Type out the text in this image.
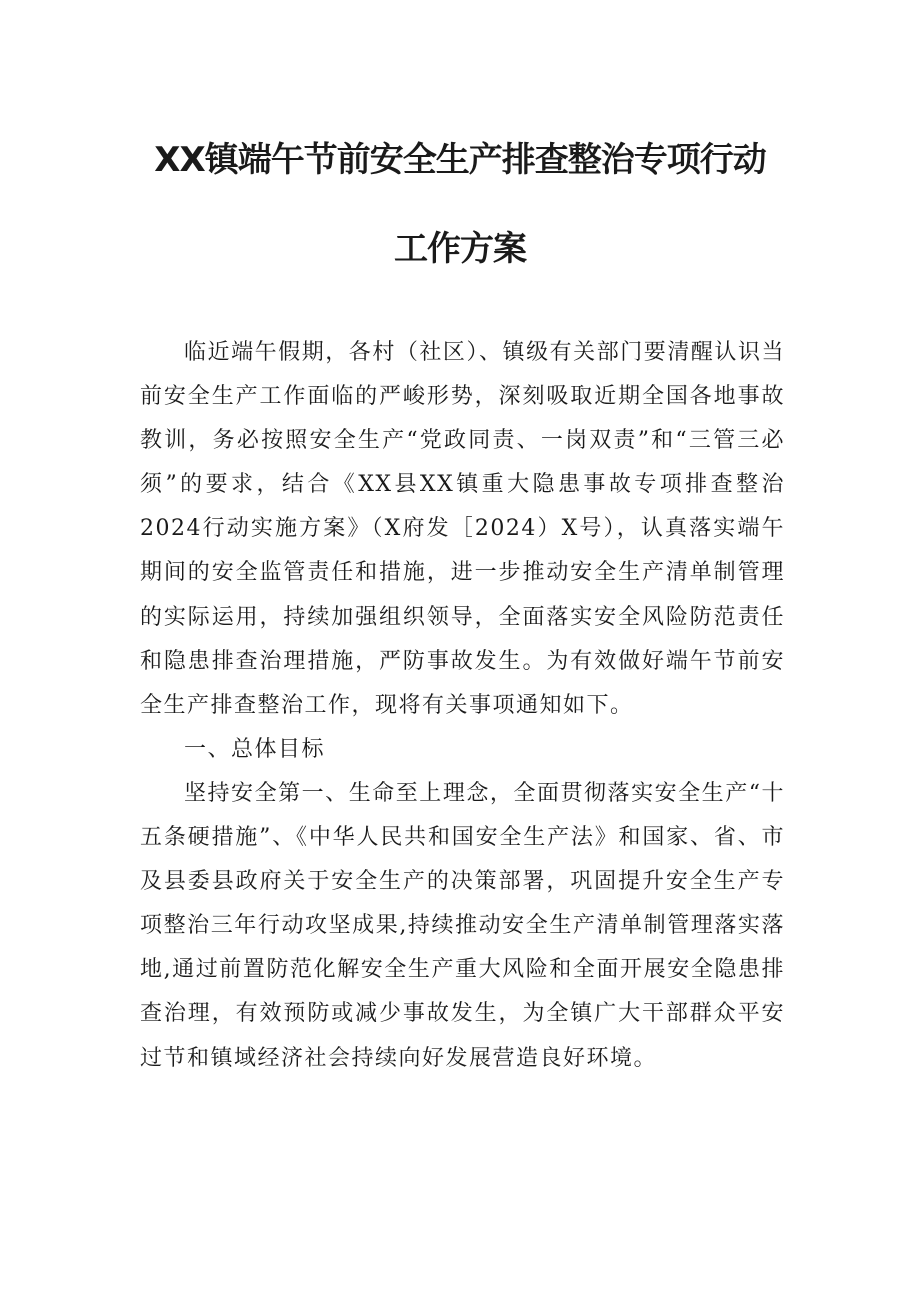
XX镇端午节前安全生产排查整治专项行动
工作方案

临近端午假期，各村（社区）、镇级有关部门要清醒认识当前安全生产工作面临的严峻形势，深刻吸取近期全国各地事故教训，务必按照安全生产“党政同责、一岗双责”和“三管三必须”的要求，结合《XX县XX镇重大隐患事故专项排查整治2024行动实施方案》（X府发［2024）X号），认真落实端午期间的安全监管责任和措施，进一步推动安全生产清单制管理的实际运用，持续加强组织领导，全面落实安全风险防范责任和隐患排查治理措施，严防事故发生。为有效做好端午节前安全生产排查整治工作，现将有关事项通知如下。

一、总体目标

坚持安全第一、生命至上理念，全面贯彻落实安全生产“十五条硬措施”、《中华人民共和国安全生产法》和国家、省、市及县委县政府关于安全生产的决策部署，巩固提升安全生产专项整治三年行动攻坚成果,持续推动安全生产清单制管理落实落地,通过前置防范化解安全生产重大风险和全面开展安全隐患排查治理，有效预防或减少事故发生，为全镇广大干部群众平安过节和镇域经济社会持续向好发展营造良好环境。
